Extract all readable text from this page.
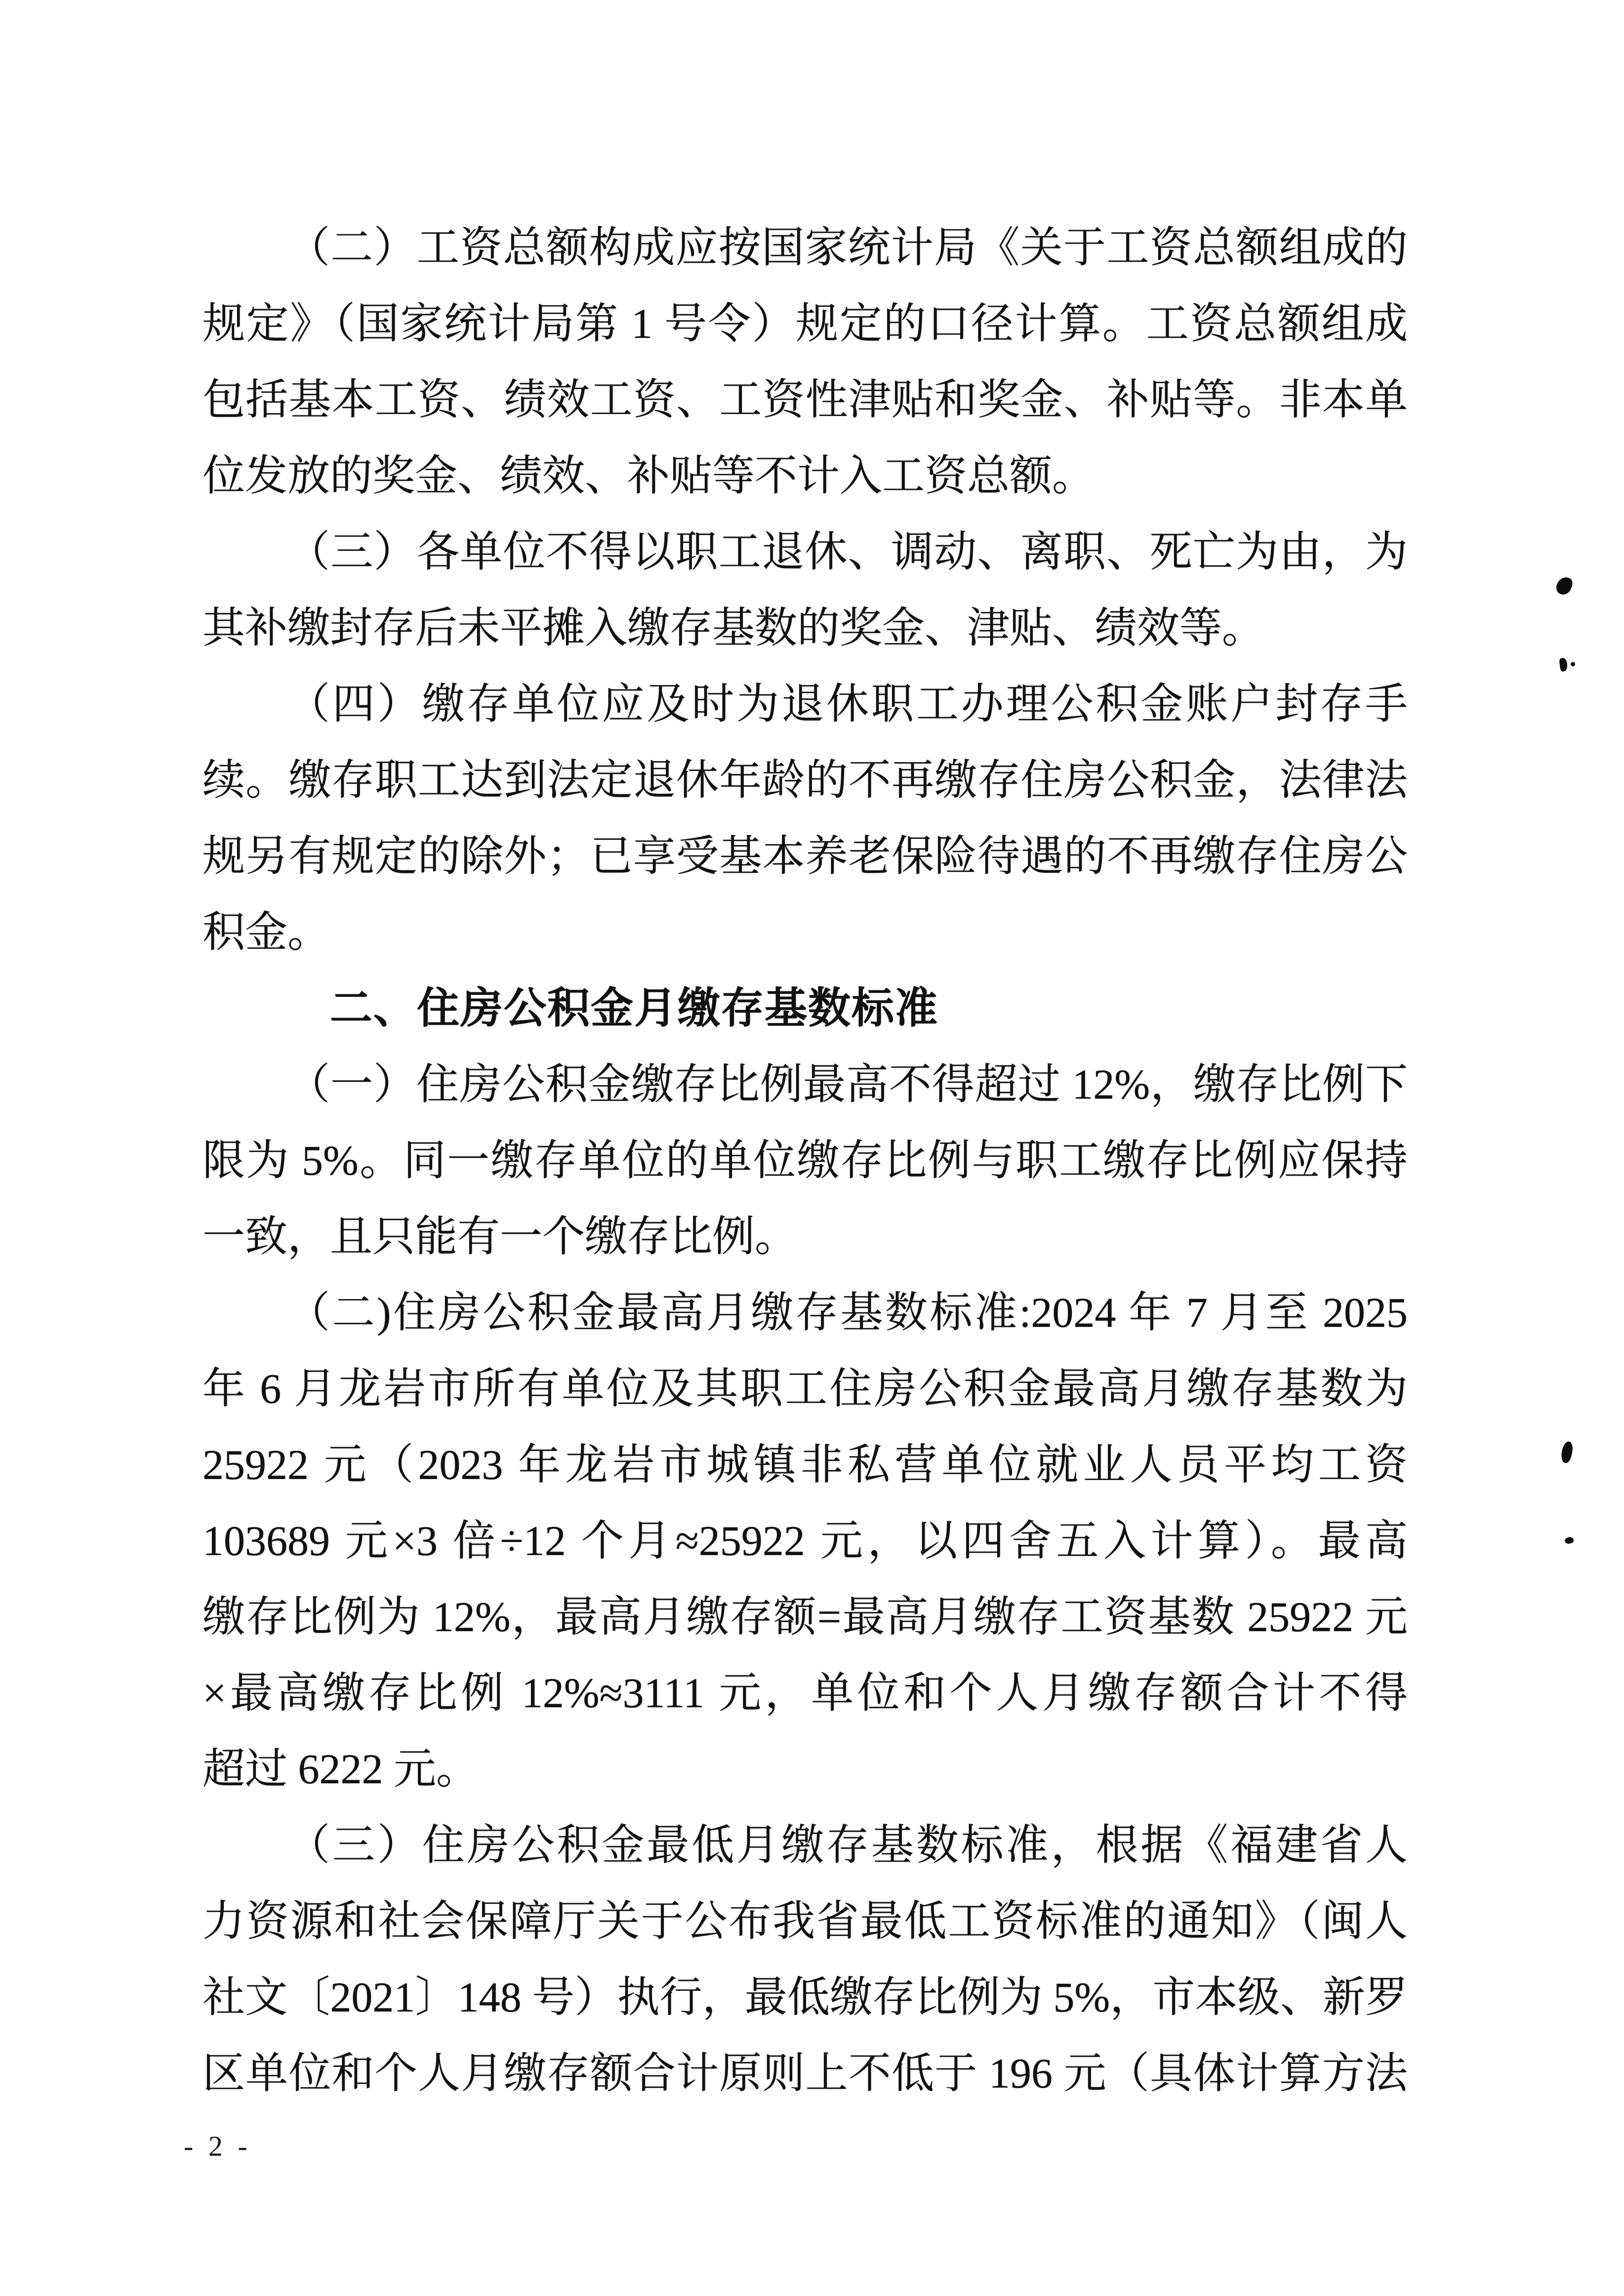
（二）工资总额构成应按国家统计局《关于工资总额组成的
规定》（国家统计局第 1 号令）规定的口径计算。工资总额组成
包括基本工资、绩效工资、工资性津贴和奖金、补贴等。非本单
位发放的奖金、绩效、补贴等不计入工资总额。
（三）各单位不得以职工退休、调动、离职、死亡为由，为
其补缴封存后未平摊入缴存基数的奖金、津贴、绩效等。
（四）缴存单位应及时为退休职工办理公积金账户封存手
续。缴存职工达到法定退休年龄的不再缴存住房公积金，法律法
规另有规定的除外；已享受基本养老保险待遇的不再缴存住房公
积金。
二、住房公积金月缴存基数标准
（一）住房公积金缴存比例最高不得超过 12%，缴存比例下
限为 5%。同一缴存单位的单位缴存比例与职工缴存比例应保持
一致，且只能有一个缴存比例。
（二)住房公积金最高月缴存基数标准:2024 年 7 月至 2025
年 6 月龙岩市所有单位及其职工住房公积金最高月缴存基数为
25922 元（2023 年龙岩市城镇非私营单位就业人员平均工资
103689 元×3 倍÷12 个月≈25922 元，以四舍五入计算）。最高
缴存比例为 12%，最高月缴存额=最高月缴存工资基数 25922 元
×最高缴存比例 12%≈3111 元，单位和个人月缴存额合计不得
超过 6222 元。
（三）住房公积金最低月缴存基数标准，根据《福建省人
力资源和社会保障厅关于公布我省最低工资标准的通知》（闽人
社文〔2021〕148 号）执行，最低缴存比例为 5%，市本级、新罗
区单位和个人月缴存额合计原则上不低于 196 元（具体计算方法
- 2 -
